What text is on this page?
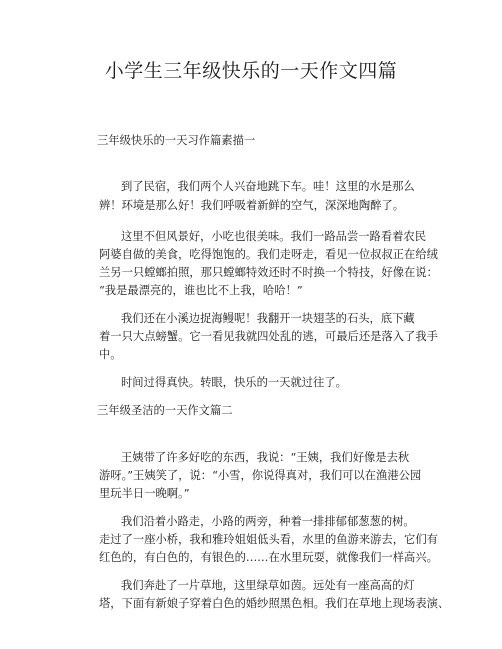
小学生三年级快乐的一天作文四篇
三年级快乐的一天习作篇素描一
到了民宿，我们两个人兴奋地跳下车。哇！这里的水是那么
辨！环境是那么好！我们呼吸着新鲜的空气，深深地陶醉了。
这里不但风景好，小吃也很美味。我们一路品尝一路看着农民
阿婆自做的美食，吃得饱饱的。我们走呀走，看见一位叔叔正在给绒
兰另一只螳螂拍照，那只螳螂特效还时不时换一个特技，好像在说：
“我是最漂亮的，谁也比不上我，哈哈！”
我们还在小溪边捉海鳗呢！我翻开一块翅茎的石头，底下藏
着一只大点螃蟹。它一看见我就四处乱的逃，可最后还是落入了我手
中。
时间过得真快。转眼，快乐的一天就过往了。
三年级圣洁的一天作文篇二
王姨带了许多好吃的东西，我说：“王姨，我们好像是去秋
游呀。”王姨笑了，说：“小雪，你说得真对，我们可以在渔港公园
里玩半日一晚啊。”
我们沿着小路走，小路的两旁，种着一排排郁郁葱葱的树。
走过了一座小桥，我和雅玲姐姐低头看，水里的鱼游来游去，它们有
红色的，有白色的，有银色的……在水里玩耍，就像我们一样高兴。
我们奔赴了一片草地，这里绿草如茵。远处有一座高高的灯
塔，下面有新娘子穿着白色的婚纱照黑色相。我们在草地上现场表演、
